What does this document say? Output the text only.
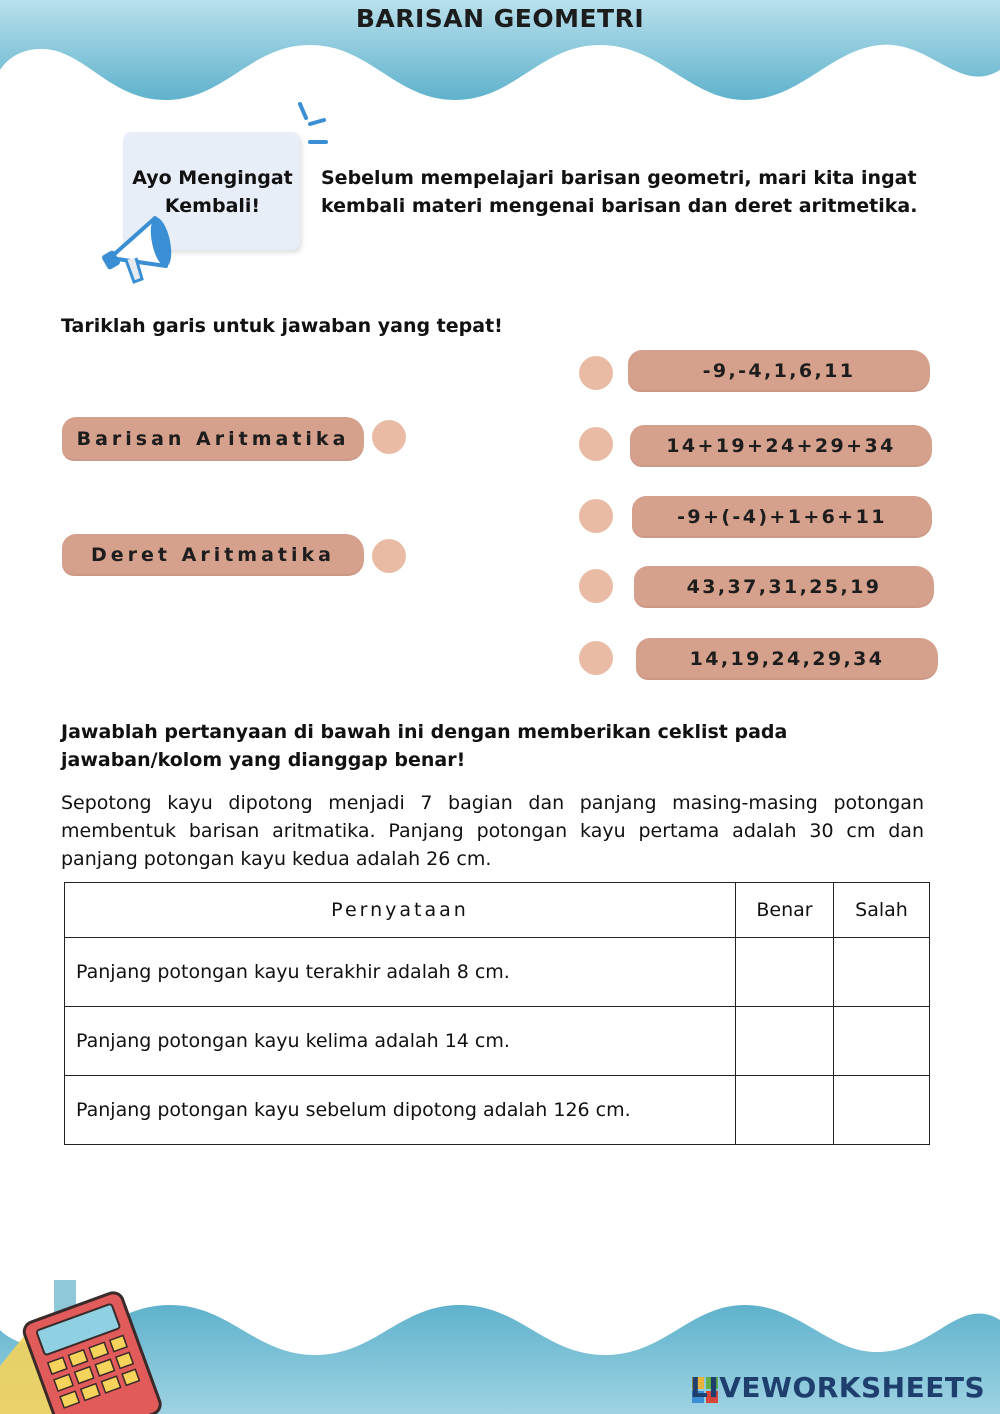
BARISAN GEOMETRI
Ayo Mengingat Kembali!
Sebelum mempelajari barisan geometri, mari kita ingat kembali materi mengenai barisan dan deret aritmetika.
Tariklah garis untuk jawaban yang tepat!
Barisan Aritmatika
Deret Aritmatika
-9,-4,1,6,11
14+19+24+29+34
-9+(-4)+1+6+11
43,37,31,25,19
14,19,24,29,34
Jawablah pertanyaan di bawah ini dengan memberikan ceklist pada jawaban/kolom yang dianggap benar!
Sepotong kayu dipotong menjadi 7 bagian dan panjang masing-masing potongan membentuk barisan aritmatika. Panjang potongan kayu pertama adalah 30 cm dan panjang potongan kayu kedua adalah 26 cm.
Pernyataan	Benar	Salah
Panjang potongan kayu terakhir adalah 8 cm.		
Panjang potongan kayu kelima adalah 14 cm.		
Panjang potongan kayu sebelum dipotong adalah 126 cm.		
LIVEWORKSHEETS
